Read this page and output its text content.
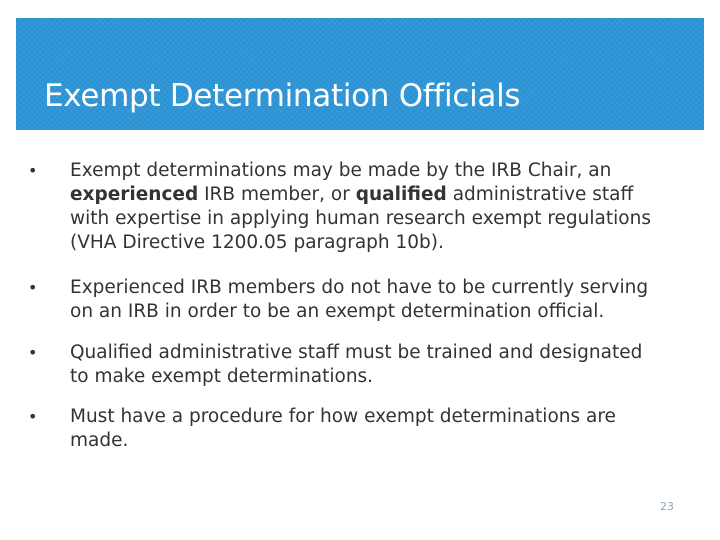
Exempt Determination Officials
• Exempt determinations may be made by the IRB Chair, an
experienced IRB member, or qualified administrative staff
with expertise in applying human research exempt regulations
(VHA Directive 1200.05 paragraph 10b).
• Experienced IRB members do not have to be currently serving
on an IRB in order to be an exempt determination official.
• Qualified administrative staff must be trained and designated
to make exempt determinations.
• Must have a procedure for how exempt determinations are
made.
23
